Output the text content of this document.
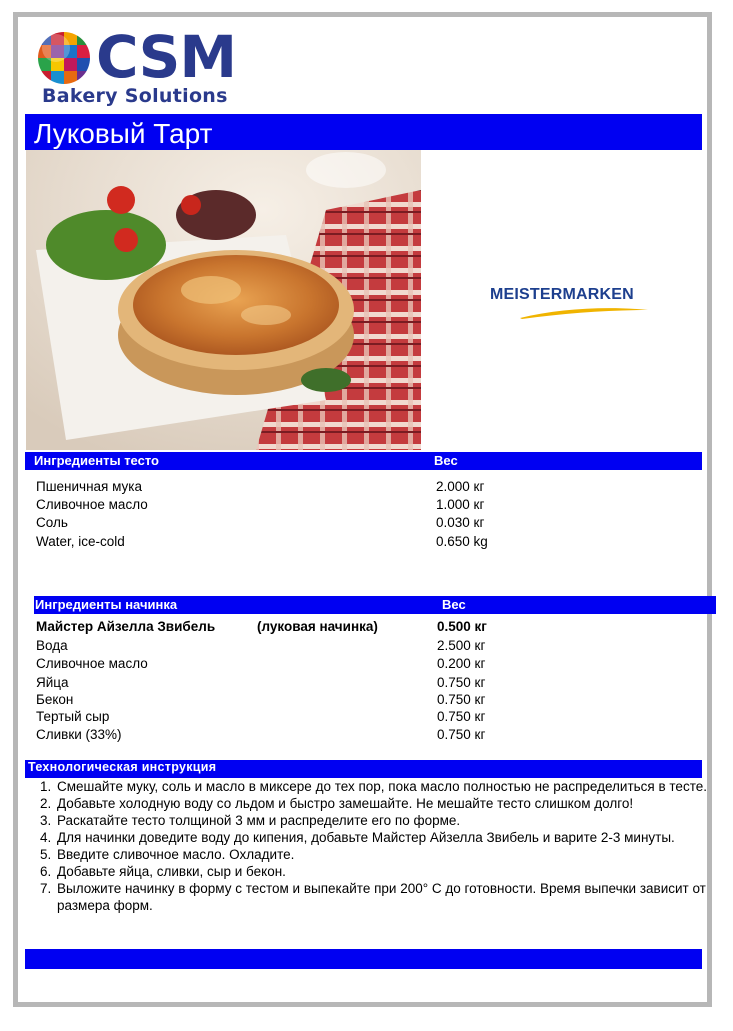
CSM
Bakery Solutions
Луковый Тарт
MEISTERMARKEN
Ингредиенты тесто	Вес
Пшеничная мука	2.000 кг
Сливочное масло	1.000 кг
Соль	0.030 кг
Water, ice-cold	0.650 kg
Ингредиенты начинка	Вес
Майстер Айзелла Звибель	(луковая начинка)	0.500 кг
Вода	2.500 кг
Сливочное масло	0.200 кг
Яйца	0.750 кг
Бекон	0.750 кг
Тертый сыр	0.750 кг
Сливки (33%)	0.750 кг
Технологическая инструкция
1. Смешайте муку, соль и масло в миксере до тех пор, пока масло полностью не распределиться в тесте.
2. Добавьте холодную воду со льдом и быстро замешайте. Не мешайте тесто слишком долго!
3. Раскатайте тесто толщиной 3 мм и распределите его по форме.
4. Для начинки доведите воду до кипения, добавьте Майстер Айзелла Звибель и варите 2-3 минуты.
5. Введите сливочное масло. Охладите.
6. Добавьте яйца, сливки, сыр и бекон.
7. Выложите начинку в форму с тестом и выпекайте при 200° С до готовности. Время выпечки зависит от размера форм.
